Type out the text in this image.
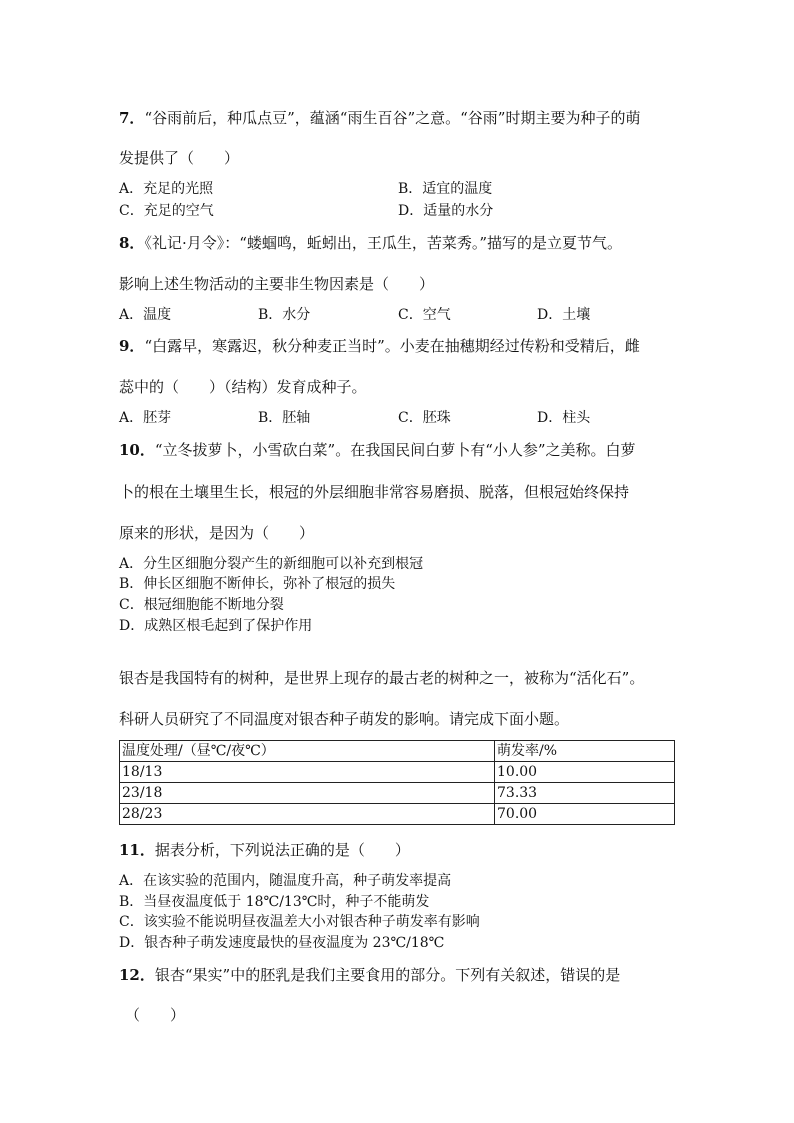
7．“谷雨前后，种瓜点豆”，蕴涵“雨生百谷”之意。“谷雨”时期主要为种子的萌
发提供了（　　）
A．充足的光照	B．适宜的温度
C．充足的空气	D．适量的水分
8．《礼记·月令》：“蝼蝈鸣，蚯蚓出，王瓜生，苦菜秀。”描写的是立夏节气。
影响上述生物活动的主要非生物因素是（　　）
A．温度	B．水分	C．空气	D．土壤
9．“白露早，寒露迟，秋分种麦正当时”。小麦在抽穗期经过传粉和受精后，雌
蕊中的（　　）（结构）发育成种子。
A．胚芽	B．胚轴	C．胚珠	D．柱头
10．“立冬拔萝卜，小雪砍白菜”。在我国民间白萝卜有“小人参”之美称。白萝
卜的根在土壤里生长，根冠的外层细胞非常容易磨损、脱落，但根冠始终保持
原来的形状，是因为（　　）
A．分生区细胞分裂产生的新细胞可以补充到根冠
B．伸长区细胞不断伸长，弥补了根冠的损失
C．根冠细胞能不断地分裂
D．成熟区根毛起到了保护作用
银杏是我国特有的树种，是世界上现存的最古老的树种之一，被称为“活化石”。
科研人员研究了不同温度对银杏种子萌发的影响。请完成下面小题。
温度处理/（昼℃/夜℃）	萌发率/%
18/13	10.00
23/18	73.33
28/23	70.00
11．据表分析，下列说法正确的是（　　）
A．在该实验的范围内，随温度升高，种子萌发率提高
B．当昼夜温度低于 18℃/13℃时，种子不能萌发
C．该实验不能说明昼夜温差大小对银杏种子萌发率有影响
D．银杏种子萌发速度最快的昼夜温度为 23℃/18℃
12．银杏“果实”中的胚乳是我们主要食用的部分。下列有关叙述，错误的是
（　　）
